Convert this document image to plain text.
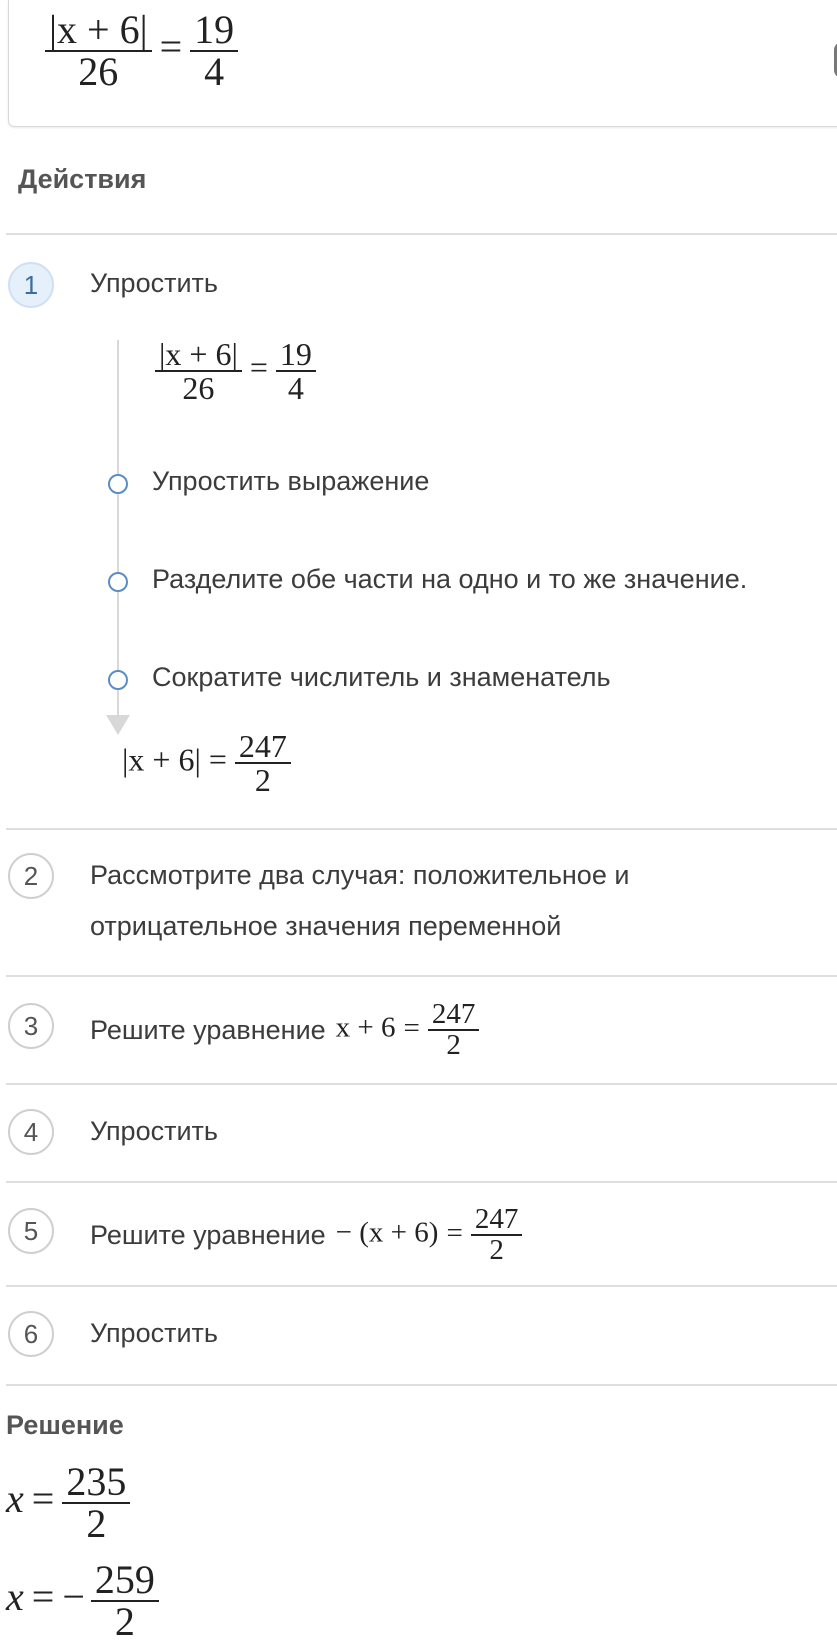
$\frac{|x + 6|}{26} = \frac{19}{4}$
Действия
1	Упростить
$\frac{|x + 6|}{26} = \frac{19}{4}$
Упростить выражение
Разделите обе части на одно и то же значение.
Сократите числитель и знаменатель
$|x + 6| = \frac{247}{2}$
2	Рассмотрите два случая: положительное и
отрицательное значения переменной
3	Решите уравнение $x + 6 = \frac{247}{2}$
4	Упростить
5	Решите уравнение − $(x + 6) = \frac{247}{2}$
6	Упростить
Решение
$x = \frac{235}{2}$
x = − $\frac{259}{2}$
